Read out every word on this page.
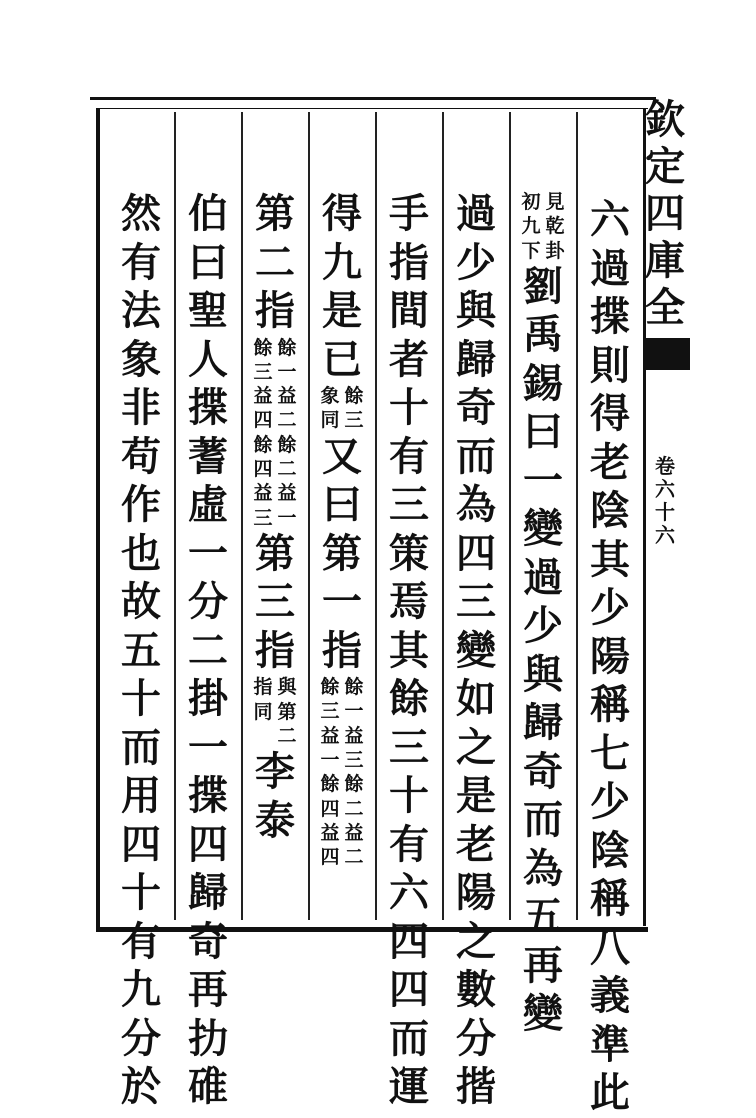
六
過
揲
則
得
老
陰
其
少
陽
稱
七
少
陰
稱
八
義
準
此
見
乾
卦
初
九
下
劉
禹
錫
曰
一
變
過
少
與
歸
奇
而
為
五
再
變
過
少
與
歸
奇
而
為
四
三
變
如
之
是
老
陽
之
數
分
揩
手
指
間
者
十
有
三
策
焉
其
餘
三
十
有
六
四
四
而
運
得
九
是
已
餘
三
象
同
又
曰
第
一
指
餘
一
益
三
餘
二
益
二
餘
三
益
一
餘
四
益
四
第
二
指
餘
一
益
二
餘
二
益
一
餘
三
益
四
餘
四
益
三
第
三
指
與
第
二
指
同
李
泰
伯
曰
聖
人
揲
蓍
虛
一
分
二
掛
一
揲
四
歸
奇
再
扐
碓
然
有
法
象
非
苟
作
也
故
五
十
而
用
四
十
有
九
分
於
欽
定
四
庫
全
卷
六
十
六
